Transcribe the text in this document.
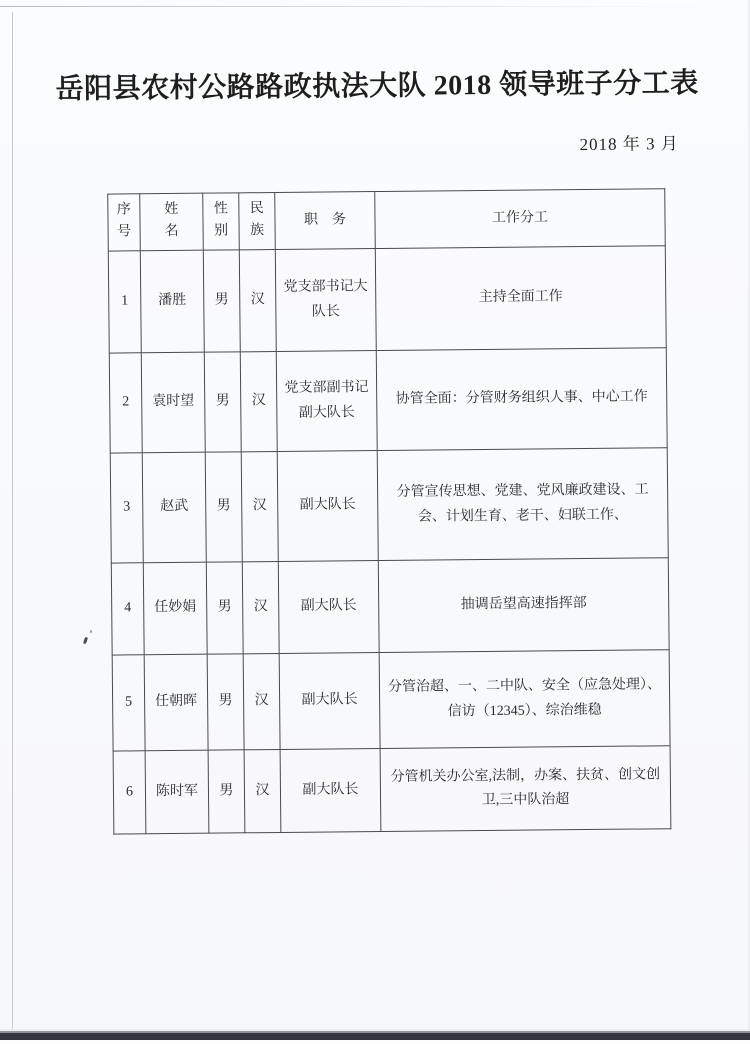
岳阳县农村公路路政执法大队 2018 领导班子分工表
2018 年 3 月
序号	姓名	性别	民族	职　务	工作分工
1	潘胜	男	汉	党支部书记大队长	主持全面工作
2	袁时望	男	汉	党支部副书记副大队长	协管全面：分管财务组织人事、中心工作
3	赵武	男	汉	副大队长	分管宣传思想、党建、党风廉政建设、工会、计划生育、老干、妇联工作、
4	任妙娟	男	汉	副大队长	抽调岳望高速指挥部
5	任朝晖	男	汉	副大队长	分管治超、一、二中队、安全（应急处理）、信访（12345）、综治维稳
6	陈时军	男	汉	副大队长	分管机关办公室,法制，办案、扶贫、创文创卫,三中队治超
